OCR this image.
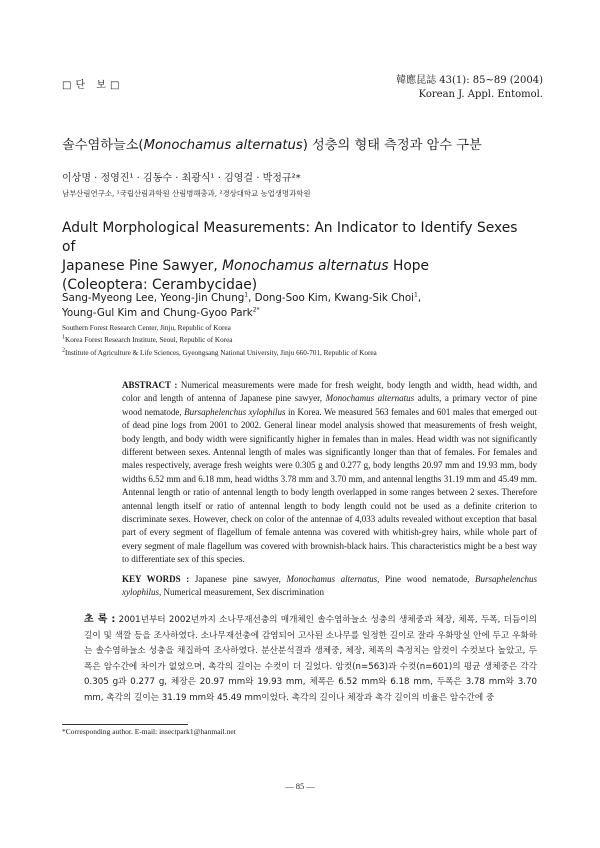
□단 보□	韓應昆誌 43(1): 85~89 (2004)
Korean J. Appl. Entomol.
솔수염하늘소(Monochamus alternatus) 성충의 형태 측정과 암수 구분
이상명 · 정영진¹ · 김동수 · 최광식¹ · 김영걸 · 박정규²*
남부산림연구소, ¹국립산림과학원 산림병해충과, ²경상대학교 농업생명과학원
Adult Morphological Measurements: An Indicator to Identify Sexes of
Japanese Pine Sawyer, Monochamus alternatus Hope
(Coleoptera: Cerambycidae)
Sang-Myeong Lee, Yeong-Jin Chung$^1$, Dong-Soo Kim, Kwang-Sik Choi$^1$,
Young-Gul Kim and Chung-Gyoo Park$^{2*}$
Southern Forest Research Center, Jinju, Republic of Korea
$^1$Korea Forest Research Institute, Seoul, Republic of Korea
$^2$Institute of Agriculture & Life Sciences, Gyeongsang National University, Jinju 660-701, Republic of Korea
ABSTRACT : Numerical measurements were made for fresh weight, body length and width, head width, and color and length of antenna of Japanese pine sawyer, Monochamus alternatus adults, a primary vector of pine wood nematode, Bursaphelenchus xylophilus in Korea. We measured 563 females and 601 males that emerged out of dead pine logs from 2001 to 2002. General linear model analysis showed that measurements of fresh weight, body length, and body width were significantly higher in females than in males. Head width was not significantly different between sexes. Antennal length of males was significantly longer than that of females. For females and males respectively, average fresh weights were 0.305 g and 0.277 g, body lengths 20.97 mm and 19.93 mm, body widths 6.52 mm and 6.18 mm, head widths 3.78 mm and 3.70 mm, and antennal lengths 31.19 mm and 45.49 mm. Antennal length or ratio of antennal length to body length overlapped in some ranges between 2 sexes. Therefore antennal length itself or ratio of antennal length to body length could not be used as a definite criterion to discriminate sexes. However, check on color of the antennae of 4,033 adults revealed without exception that basal part of every segment of flagellum of female antenna was covered with whitish-grey hairs, while whole part of every segment of male flagellum was covered with brownish-black hairs. This characteristics might be a best way to differentiate sex of this species.
KEY WORDS : Japanese pine sawyer, Monochamus alternatus, Pine wood nematode, Bursaphelenchus xylophilus, Numerical measurement, Sex discrimination
초 록 : 2001년부터 2002년까지 소나무재선충의 매개체인 솔수염하늘소 성충의 생체중과 체장, 체폭, 두폭, 더듬이의 길이 및 색깔 등을 조사하였다. 소나무재선충에 감염되어 고사된 소나무를 일정한 길이로 잘라 우화망실 안에 두고 우화하는 솔수염하늘소 성충을 채집하여 조사하였다. 분산분석결과 생체중, 체장, 체폭의 측정치는 암컷이 수컷보다 높았고, 두폭은 암수간에 차이가 없었으며, 촉각의 길이는 수컷이 더 길었다. 암컷(n=563)과 수컷(n=601)의 평균 생체중은 각각 0.305 g과 0.277 g, 체장은 20.97 mm와 19.93 mm, 체폭은 6.52 mm와 6.18 mm, 두폭은 3.78 mm와 3.70 mm, 촉각의 길이는 31.19 mm와 45.49 mm이었다. 촉각의 길이나 체장과 촉각 길이의 비율은 암수간에 중
*Corresponding author. E-mail: insectpark1@hanmail.net
— 85 —
